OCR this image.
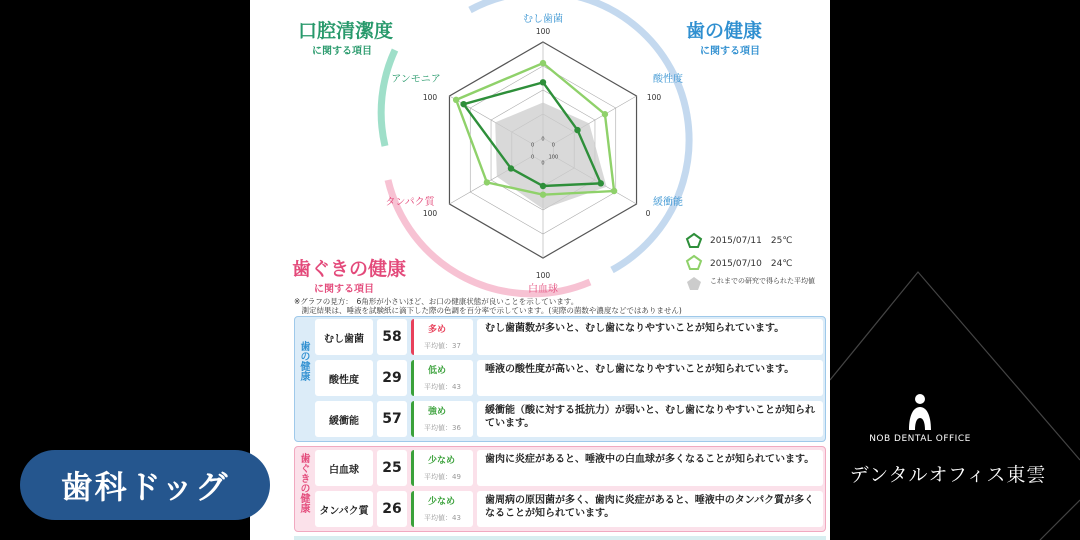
むし歯菌
100
0
酸性度
100
0
緩衝能
0
100
白血球
100
0
タンパク質
100
0
アンモニア
100
0
2015/07/11　25℃
2015/07/10　24℃
これまでの研究で得られた平均値
口腔清潔度
に関する項目
歯の健康
に関する項目
歯ぐきの健康
に関する項目
※グラフの見方：　6角形が小さいほど、お口の健康状態が良いことを示しています。
　測定結果は、唾液を試験紙に滴下した際の色調を百分率で示しています。(実際の菌数や濃度などではありません)
歯の健康
むし歯菌	58	多め
平均値：37
むし歯菌数が多いと、むし歯になりやすいことが知られています。
酸性度	29	低め
平均値：43
唾液の酸性度が高いと、むし歯になりやすいことが知られています。
緩衝能	57	強め
平均値：36
緩衝能（酸に対する抵抗力）が弱いと、むし歯になりやすいことが知られています。
歯ぐきの健康	白血球	25	少なめ
平均値：49
歯肉に炎症があると、唾液中の白血球が多くなることが知られています。
タンパク質 26	少なめ
平均値：43
歯周病の原因菌が多く、歯肉に炎症があると、唾液中のタンパク質が多くなることが知られています。
歯科ドッグ
NOB DENTAL OFFICE
デンタルオフィス東雲
